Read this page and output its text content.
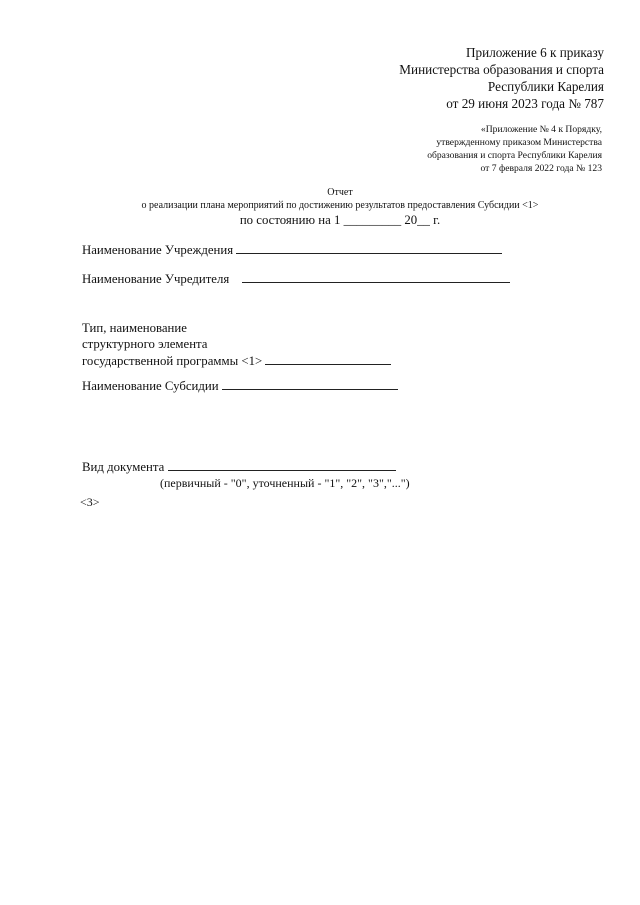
Приложение 6 к приказу
Министерства образования и спорта
Республики Карелия
от 29 июня 2023 года № 787
«Приложение № 4 к Порядку,
утвержденному приказом Министерства
образования и спорта Республики Карелия
от 7 февраля 2022 года № 123
Отчет
о реализации плана мероприятий по достижению результатов предоставления Субсидии <1>
по состоянию на 1 _________ 20__ г.
Наименование Учреждения
Наименование Учредителя
Тип, наименование
структурного элемента
государственной программы <1>
Наименование Субсидии
Вид документа
(первичный - "0", уточненный - "1", "2", "3","...")
<3>
